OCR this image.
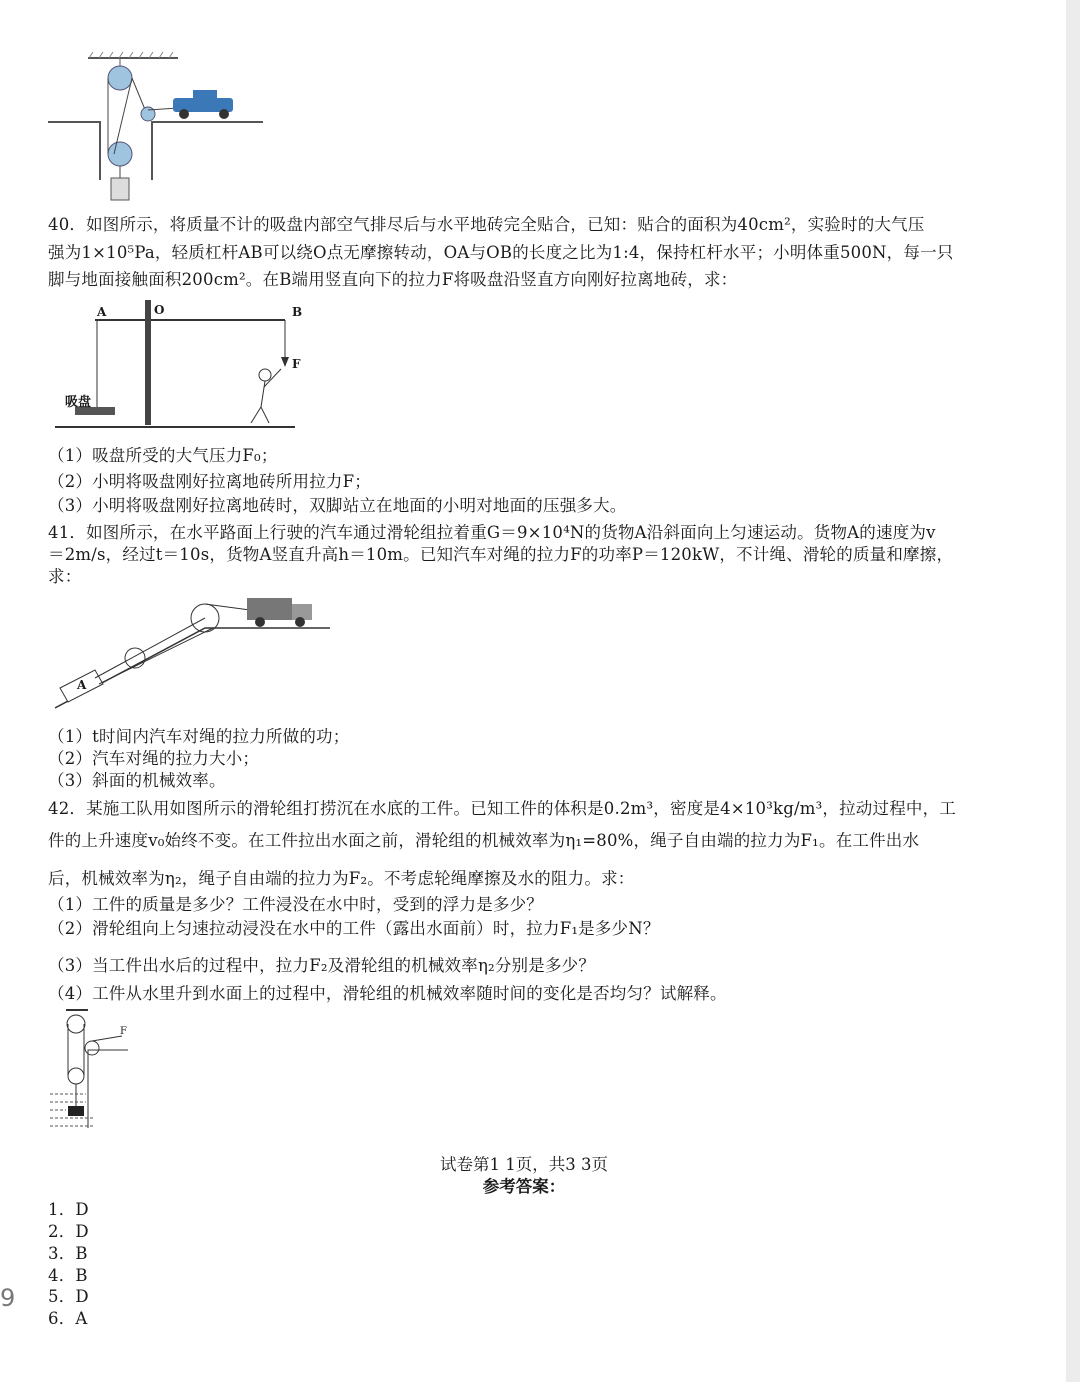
9
40．如图所示，将质量不计的吸盘内部空气排尽后与水平地砖完全贴合，已知：贴合的面积为40cm²，实验时的大气压
强为1×10⁵Pa，轻质杠杆AB可以绕O点无摩擦转动，OA与OB的长度之比为1:4，保持杠杆水平；小明体重500N，每一只
脚与地面接触面积200cm²。在B端用竖直向下的拉力F将吸盘沿竖直方向刚好拉离地砖，求：
A	O	B
F
吸盘
（1）吸盘所受的大气压力F₀；
（2）小明将吸盘刚好拉离地砖所用拉力F；
（3）小明将吸盘刚好拉离地砖时，双脚站立在地面的小明对地面的压强多大。
41．如图所示，在水平路面上行驶的汽车通过滑轮组拉着重G＝9×10⁴N的货物A沿斜面向上匀速运动。货物A的速度为v
＝2m/s，经过t＝10s，货物A竖直升高h＝10m。已知汽车对绳的拉力F的功率P＝120kW，不计绳、滑轮的质量和摩擦，
求：
A
（1）t时间内汽车对绳的拉力所做的功；
（2）汽车对绳的拉力大小；
（3）斜面的机械效率。
42．某施工队用如图所示的滑轮组打捞沉在水底的工件。已知工件的体积是0.2m³，密度是4×10³kg/m³，拉动过程中，工
件的上升速度v₀始终不变。在工件拉出水面之前，滑轮组的机械效率为η₁=80%，绳子自由端的拉力为F₁。在工件出水
后，机械效率为η₂，绳子自由端的拉力为F₂。不考虑轮绳摩擦及水的阻力。求：
（1）工件的质量是多少？工件浸没在水中时，受到的浮力是多少？
（2）滑轮组向上匀速拉动浸没在水中的工件（露出水面前）时，拉力F₁是多少N？
（3）当工件出水后的过程中，拉力F₂及滑轮组的机械效率η₂分别是多少？
（4）工件从水里升到水面上的过程中，滑轮组的机械效率随时间的变化是否均匀？试解释。
F
试卷第1 1页，共3 3页
参考答案：
1．D
2．D
3．B
4．B
5．D
6．A
